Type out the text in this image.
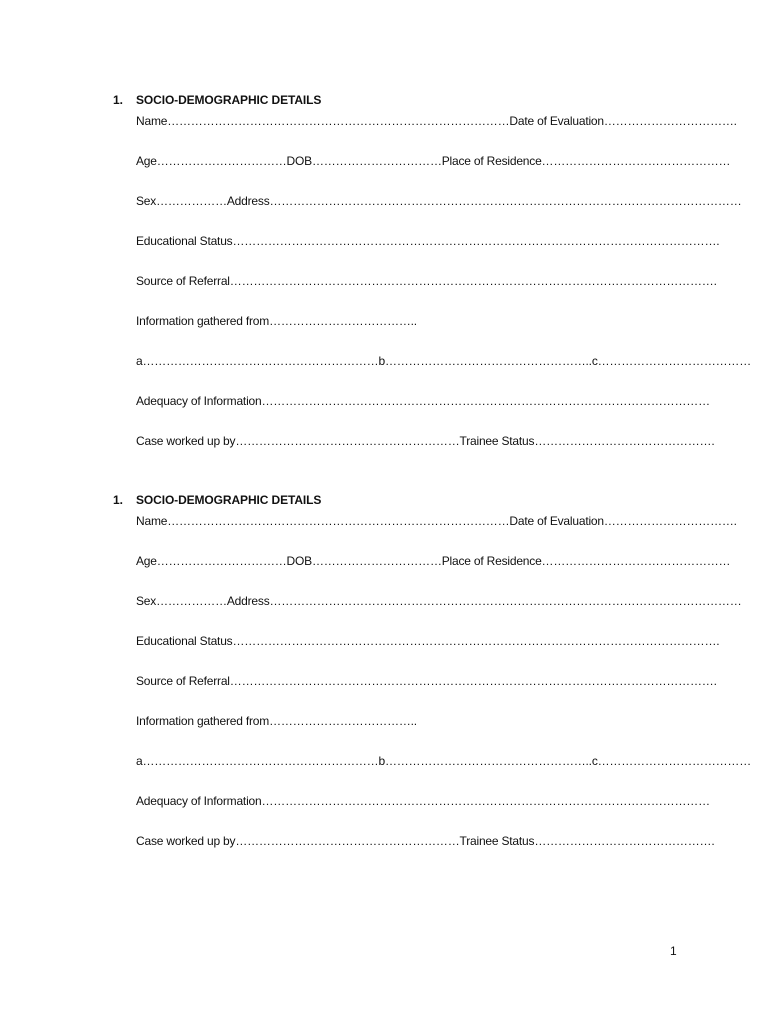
1.	SOCIO-DEMOGRAPHIC DETAILS
Name……………………………………………………………………………Date of Evaluation…………………………….
Age……………………………DOB……………………………Place of Residence…………………………………………
Sex………………Address…………………………………………………………………………………………………………
Educational Status…………………………………………………………………………………………………………….
Source of Referral…………………………………………………………………………………………………………….
Information gathered from………………………………..
a……………………………………………………b……………………………………………..c…………………………………
Adequacy of Information……………………………………………………………………………………………………
Case worked up by…………………………………………………Trainee Status……………………………………….
1.	SOCIO-DEMOGRAPHIC DETAILS
Name……………………………………………………………………………Date of Evaluation…………………………….
Age……………………………DOB……………………………Place of Residence…………………………………………
Sex………………Address…………………………………………………………………………………………………………
Educational Status…………………………………………………………………………………………………………….
Source of Referral…………………………………………………………………………………………………………….
Information gathered from………………………………..
a……………………………………………………b……………………………………………..c…………………………………
Adequacy of Information……………………………………………………………………………………………………
Case worked up by…………………………………………………Trainee Status……………………………………….
1
